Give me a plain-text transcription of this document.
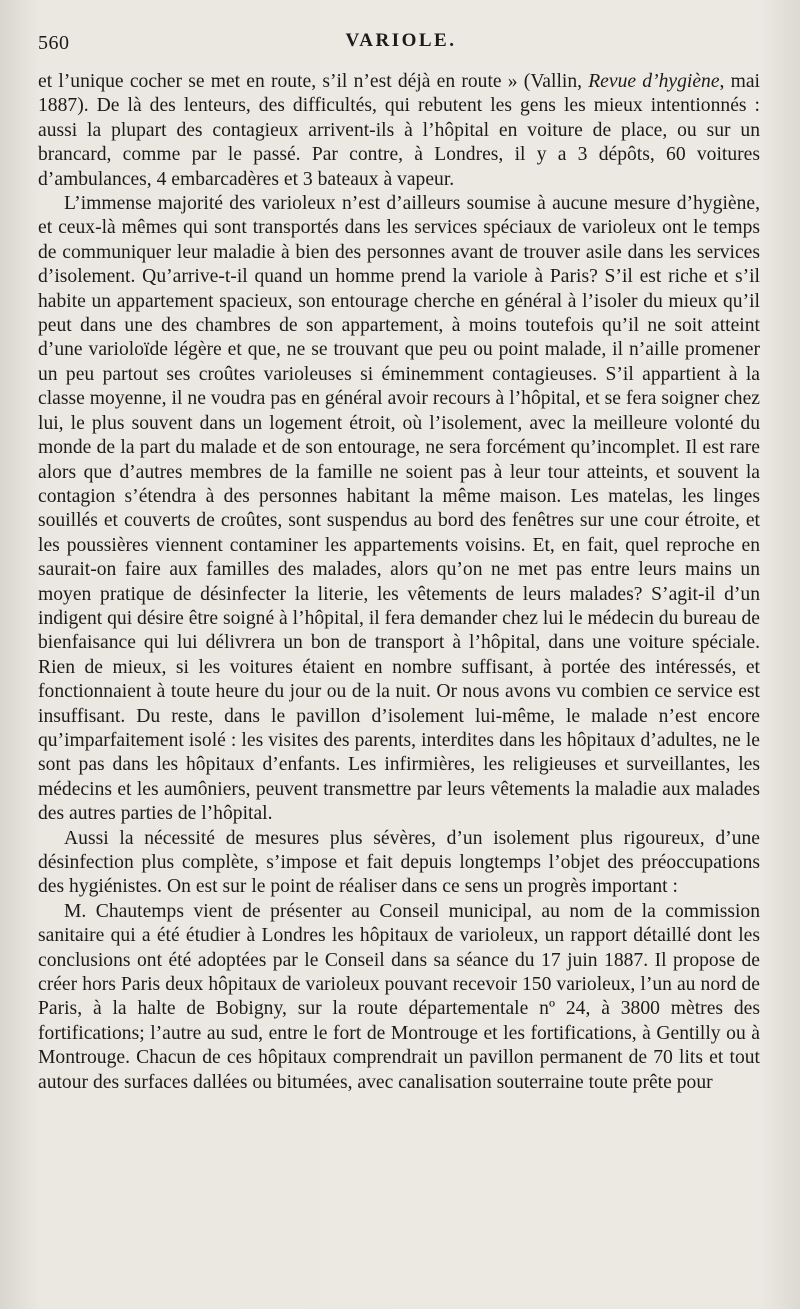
560	VARIOLE.

et l’unique cocher se met en route, s’il n’est déjà en route » (Vallin, Revue d’hygiène, mai 1887). De là des lenteurs, des difficultés, qui rebutent les gens les mieux intentionnés : aussi la plupart des contagieux arrivent-ils à l’hôpital en voiture de place, ou sur un brancard, comme par le passé. Par contre, à Londres, il y a 3 dépôts, 60 voitures d’ambulances, 4 embarcadères et 3 bateaux à vapeur.

L’immense majorité des varioleux n’est d’ailleurs soumise à aucune mesure d’hygiène, et ceux-là mêmes qui sont transportés dans les services spéciaux de varioleux ont le temps de communiquer leur maladie à bien des personnes avant de trouver asile dans les services d’isolement. Qu’arrive-t-il quand un homme prend la variole à Paris? S’il est riche et s’il habite un appartement spacieux, son entourage cherche en général à l’isoler du mieux qu’il peut dans une des chambres de son appartement, à moins toutefois qu’il ne soit atteint d’une varioloïde légère et que, ne se trouvant que peu ou point malade, il n’aille promener un peu partout ses croûtes varioleuses si éminemment contagieuses. S’il appartient à la classe moyenne, il ne voudra pas en général avoir recours à l’hôpital, et se fera soigner chez lui, le plus souvent dans un logement étroit, où l’isolement, avec la meilleure volonté du monde de la part du malade et de son entourage, ne sera forcément qu’incomplet. Il est rare alors que d’autres membres de la famille ne soient pas à leur tour atteints, et souvent la contagion s’étendra à des personnes habitant la même maison. Les matelas, les linges souillés et couverts de croûtes, sont suspendus au bord des fenêtres sur une cour étroite, et les poussières viennent contaminer les appartements voisins. Et, en fait, quel reproche en saurait-on faire aux familles des malades, alors qu’on ne met pas entre leurs mains un moyen pratique de désinfecter la literie, les vêtements de leurs malades? S’agit-il d’un indigent qui désire être soigné à l’hôpital, il fera demander chez lui le médecin du bureau de bienfaisance qui lui délivrera un bon de transport à l’hôpital, dans une voiture spéciale. Rien de mieux, si les voitures étaient en nombre suffisant, à portée des intéressés, et fonctionnaient à toute heure du jour ou de la nuit. Or nous avons vu combien ce service est insuffisant. Du reste, dans le pavillon d’isolement lui-même, le malade n’est encore qu’imparfaitement isolé : les visites des parents, interdites dans les hôpitaux d’adultes, ne le sont pas dans les hôpitaux d’enfants. Les infirmières, les religieuses et surveillantes, les médecins et les aumôniers, peuvent transmettre par leurs vêtements la maladie aux malades des autres parties de l’hôpital.

Aussi la nécessité de mesures plus sévères, d’un isolement plus rigoureux, d’une désinfection plus complète, s’impose et fait depuis longtemps l’objet des préoccupations des hygiénistes. On est sur le point de réaliser dans ce sens un progrès important :

M. Chautemps vient de présenter au Conseil municipal, au nom de la commission sanitaire qui a été étudier à Londres les hôpitaux de varioleux, un rapport détaillé dont les conclusions ont été adoptées par le Conseil dans sa séance du 17 juin 1887. Il propose de créer hors Paris deux hôpitaux de varioleux pouvant recevoir 150 varioleux, l’un au nord de Paris, à la halte de Bobigny, sur la route départementale nº 24, à 3800 mètres des fortifications; l’autre au sud, entre le fort de Montrouge et les fortifications, à Gentilly ou à Montrouge. Chacun de ces hôpitaux comprendrait un pavillon permanent de 70 lits et tout autour des surfaces dallées ou bitumées, avec canalisation souterraine toute prête pour
